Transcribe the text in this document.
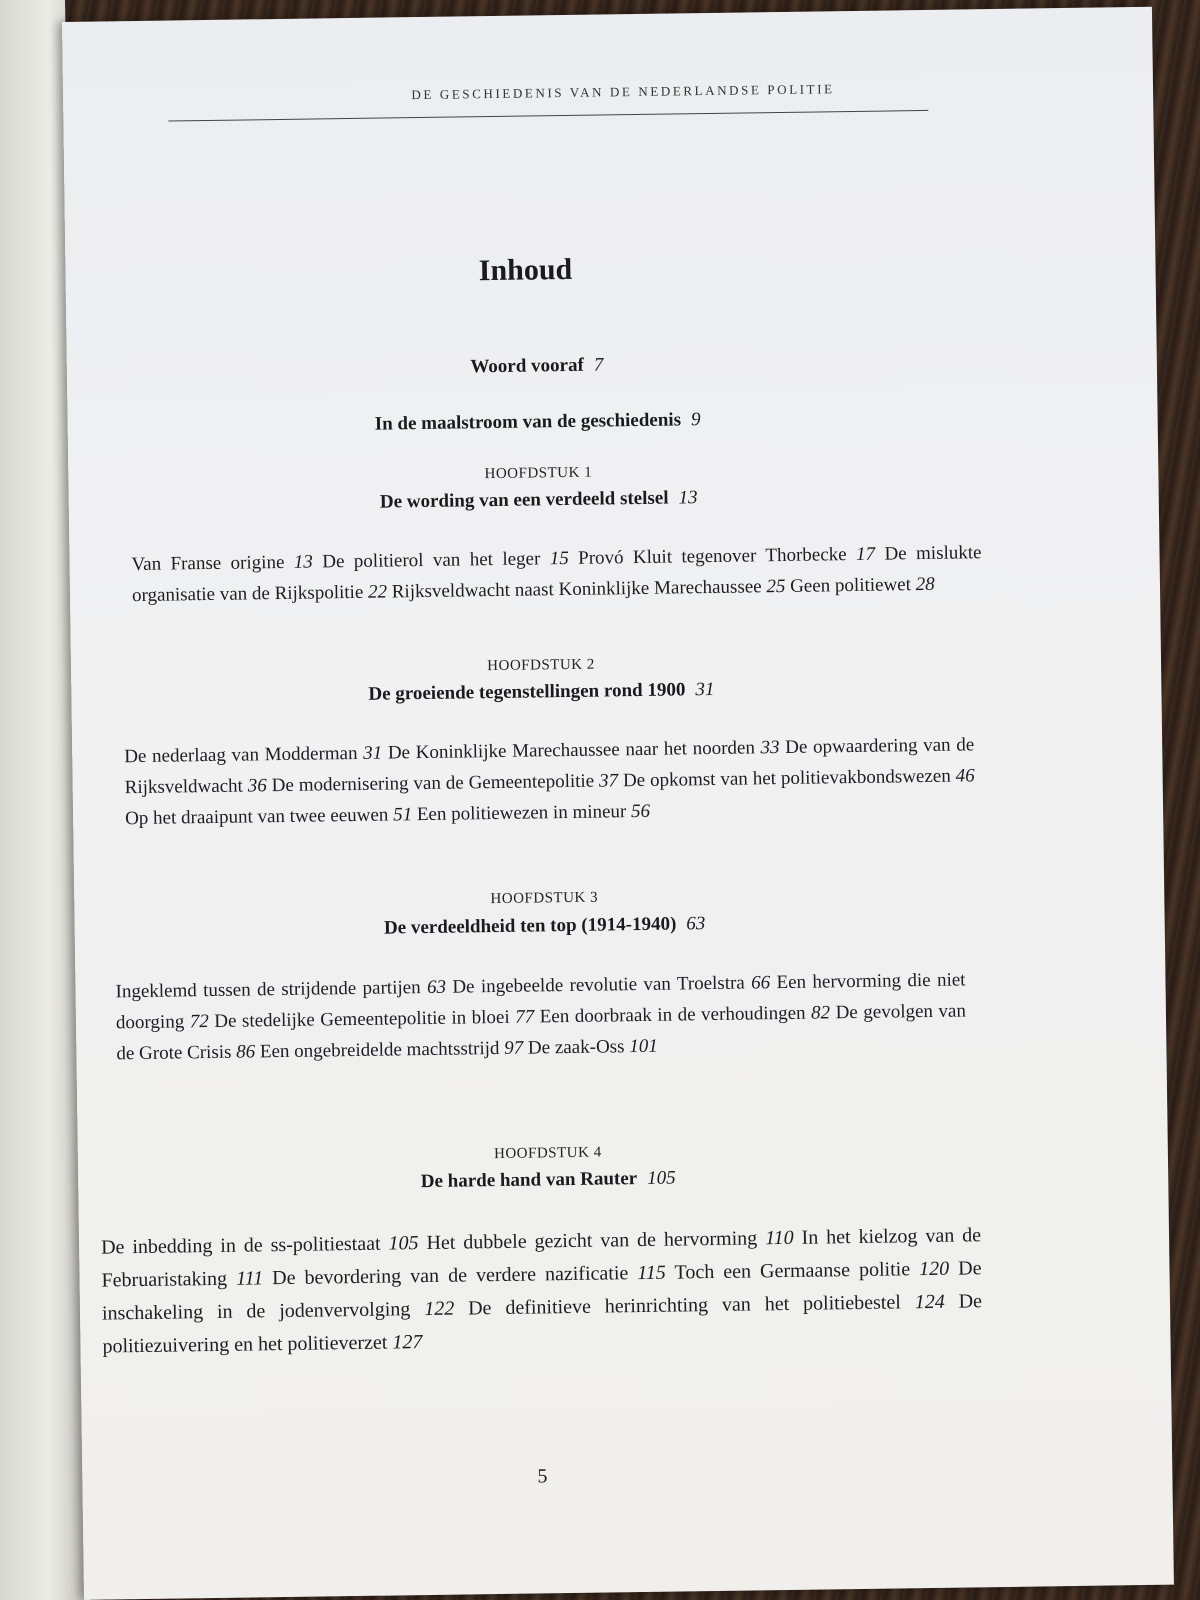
DE GESCHIEDENIS VAN DE NEDERLANDSE POLITIE
Inhoud
Woord vooraf 7
In de maalstroom van de geschiedenis 9
HOOFDSTUK 1
De wording van een verdeeld stelsel 13
Van Franse origine 13 De politierol van het leger 15 Provó Kluit tegenover Thorbecke 17 De mislukte organisatie van de Rijkspolitie 22 Rijksveldwacht naast Koninklijke Marechaussee 25 Geen politiewet 28
HOOFDSTUK 2
De groeiende tegenstellingen rond 1900 31
De nederlaag van Modderman 31 De Koninklijke Marechaussee naar het noorden 33 De opwaardering van de Rijksveldwacht 36 De modernisering van de Gemeentepolitie 37 De opkomst van het politievakbondswezen 46 Op het draaipunt van twee eeuwen 51 Een politiewezen in mineur 56
HOOFDSTUK 3
De verdeeldheid ten top (1914-1940) 63
Ingeklemd tussen de strijdende partijen 63 De ingebeelde revolutie van Troelstra 66 Een hervorming die niet doorging 72 De stedelijke Gemeentepolitie in bloei 77 Een doorbraak in de verhoudingen 82 De gevolgen van de Grote Crisis 86 Een ongebreidelde machtsstrijd 97 De zaak-Oss 101
HOOFDSTUK 4
De harde hand van Rauter 105
De inbedding in de ss-politiestaat 105 Het dubbele gezicht van de hervorming 110 In het kielzog van de Februaristaking 111 De bevordering van de verdere nazificatie 115 Toch een Germaanse politie 120 De inschakeling in de jodenvervolging 122 De definitieve herinrichting van het politiebestel 124 De politiezuivering en het politieverzet 127
5
